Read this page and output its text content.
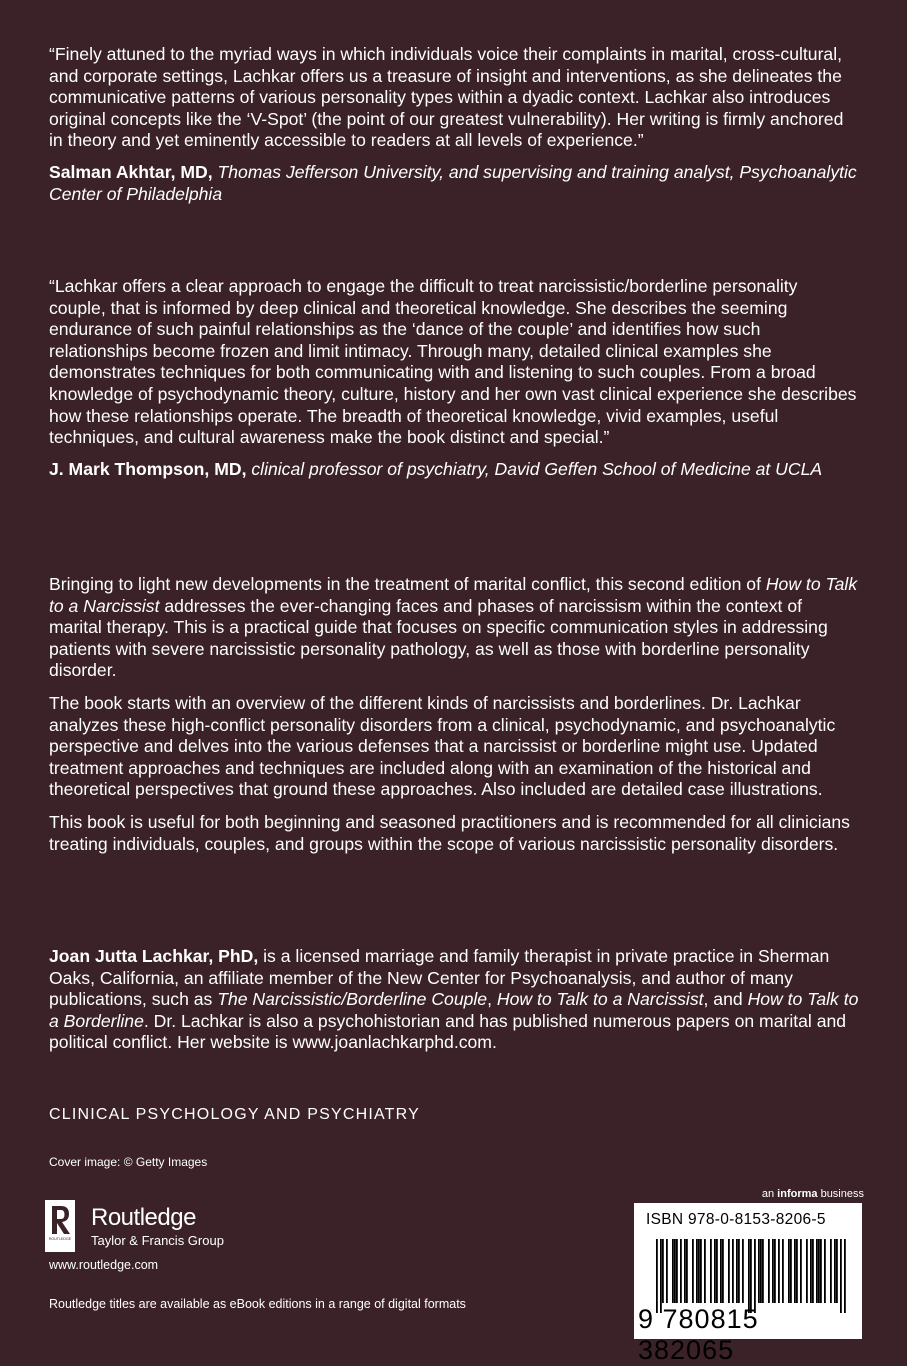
“Finely attuned to the myriad ways in which individuals voice their complaints in marital, cross-cultural, and corporate settings, Lachkar offers us a treasure of insight and interventions, as she delineates the communicative patterns of various personality types within a dyadic context. Lachkar also introduces original concepts like the ‘V-Spot’ (the point of our greatest vulnerability). Her writing is firmly anchored in theory and yet eminently accessible to readers at all levels of experience.”

Salman Akhtar, MD, Thomas Jefferson University, and supervising and training analyst, Psychoanalytic Center of Philadelphia

“Lachkar offers a clear approach to engage the difficult to treat narcissistic/borderline personality couple, that is informed by deep clinical and theoretical knowledge. She describes the seeming endurance of such painful relationships as the ‘dance of the couple’ and identifies how such relationships become frozen and limit intimacy. Through many, detailed clinical examples she demonstrates techniques for both communicating with and listening to such couples. From a broad knowledge of psychodynamic theory, culture, history and her own vast clinical experience she describes how these relationships operate. The breadth of theoretical knowledge, vivid examples, useful techniques, and cultural awareness make the book distinct and special.”

J. Mark Thompson, MD, clinical professor of psychiatry, David Geffen School of Medicine at UCLA

Bringing to light new developments in the treatment of marital conflict, this second edition of How to Talk to a Narcissist addresses the ever-changing faces and phases of narcissism within the context of marital therapy. This is a practical guide that focuses on specific communication styles in addressing patients with severe narcissistic personality pathology, as well as those with borderline personality disorder.

The book starts with an overview of the different kinds of narcissists and borderlines. Dr. Lachkar analyzes these high-conflict personality disorders from a clinical, psychodynamic, and psychoanalytic perspective and delves into the various defenses that a narcissist or borderline might use. Updated treatment approaches and techniques are included along with an examination of the historical and theoretical perspectives that ground these approaches. Also included are detailed case illustrations.

This book is useful for both beginning and seasoned practitioners and is recommended for all clinicians treating individuals, couples, and groups within the scope of various narcissistic personality disorders.

Joan Jutta Lachkar, PhD, is a licensed marriage and family therapist in private practice in Sherman Oaks, California, an affiliate member of the New Center for Psychoanalysis, and author of many publications, such as The Narcissistic/Borderline Couple, How to Talk to a Narcissist, and How to Talk to a Borderline. Dr. Lachkar is also a psychohistorian and has published numerous papers on marital and political conflict. Her website is www.joanlachkarphd.com.

CLINICAL PSYCHOLOGY AND PSYCHIATRY
Cover image: © Getty Images
ROUTLEDGE
Routledge
Taylor & Francis Group
www.routledge.com
Routledge titles are available as eBook editions in a range of digital formats
an informa business
ISBN 978-0-8153-8206-5
9 780815 382065
